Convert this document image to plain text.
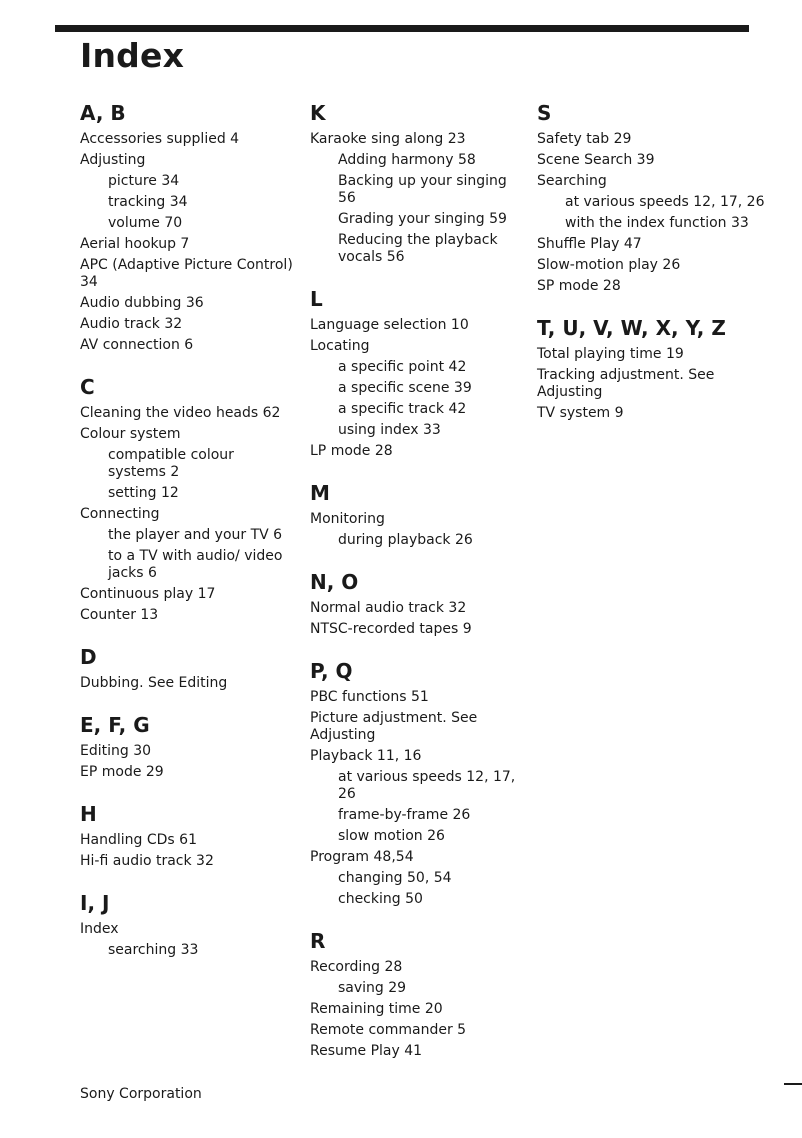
Index
A, B
Accessories supplied 4
Adjusting
picture 34
tracking 34
volume 70
Aerial hookup 7
APC (Adaptive Picture Control) 34
Audio dubbing 36
Audio track 32
AV connection 6
C
Cleaning the video heads 62
Colour system
compatible colour systems 2
setting 12
Connecting
the player and your TV 6
to a TV with audio/ video jacks 6
Continuous play 17
Counter 13
D
Dubbing. See Editing
E, F, G
Editing 30
EP mode 29
H
Handling CDs 61
Hi-fi audio track 32
I, J
Index
searching 33
K
Karaoke sing along 23
Adding harmony 58
Backing up your singing 56
Grading your singing 59
Reducing the playback vocals 56
L
Language selection 10
Locating
a specific point 42
a specific scene 39
a specific track 42
using index 33
LP mode 28
M
Monitoring
during playback 26
N, O
Normal audio track 32
NTSC-recorded tapes 9
P, Q
PBC functions 51
Picture adjustment. See Adjusting
Playback 11, 16
at various speeds 12, 17, 26
frame-by-frame 26
slow motion 26
Program 48,54
changing 50, 54
checking 50
R
Recording 28
saving 29
Remaining time 20
Remote commander 5
Resume Play 41
S
Safety tab 29
Scene Search 39
Searching
at various speeds 12, 17, 26
with the index function 33
Shuffle Play 47
Slow-motion play 26
SP mode 28
T, U, V, W, X, Y, Z
Total playing time 19
Tracking adjustment. See Adjusting
TV system 9
Sony Corporation
